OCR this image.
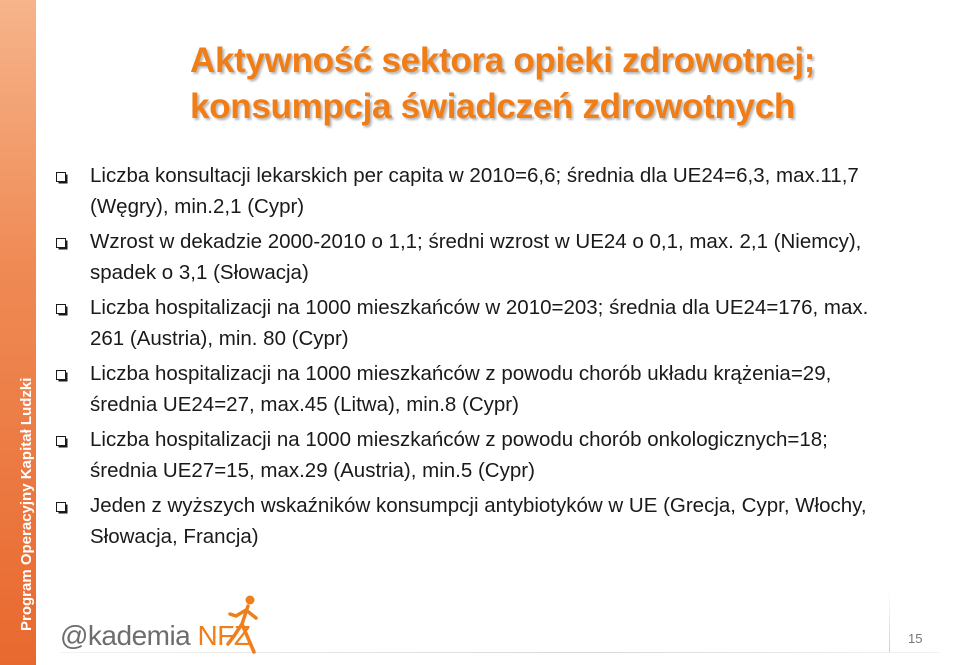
Program Operacyjny Kapitał Ludzki
Aktywność sektora opieki zdrowotnej;
konsumpcja świadczeń zdrowotnych
Liczba konsultacji lekarskich per capita w 2010=6,6; średnia dla UE24=6,3, max.11,7 (Węgry), min.2,1 (Cypr)
Wzrost w dekadzie 2000-2010 o 1,1; średni wzrost w UE24 o 0,1, max. 2,1 (Niemcy), spadek o 3,1 (Słowacja)
Liczba hospitalizacji na 1000 mieszkańców w 2010=203; średnia dla UE24=176, max. 261 (Austria), min. 80 (Cypr)
Liczba hospitalizacji na 1000 mieszkańców z powodu chorób układu krążenia=29, średnia UE24=27, max.45 (Litwa), min.8 (Cypr)
Liczba hospitalizacji na 1000 mieszkańców z powodu chorób onkologicznych=18; średnia UE27=15, max.29 (Austria), min.5 (Cypr)
Jeden z wyższych wskaźników konsumpcji antybiotyków w UE (Grecja, Cypr, Włochy, Słowacja, Francja)
@kademia NFZ	15
